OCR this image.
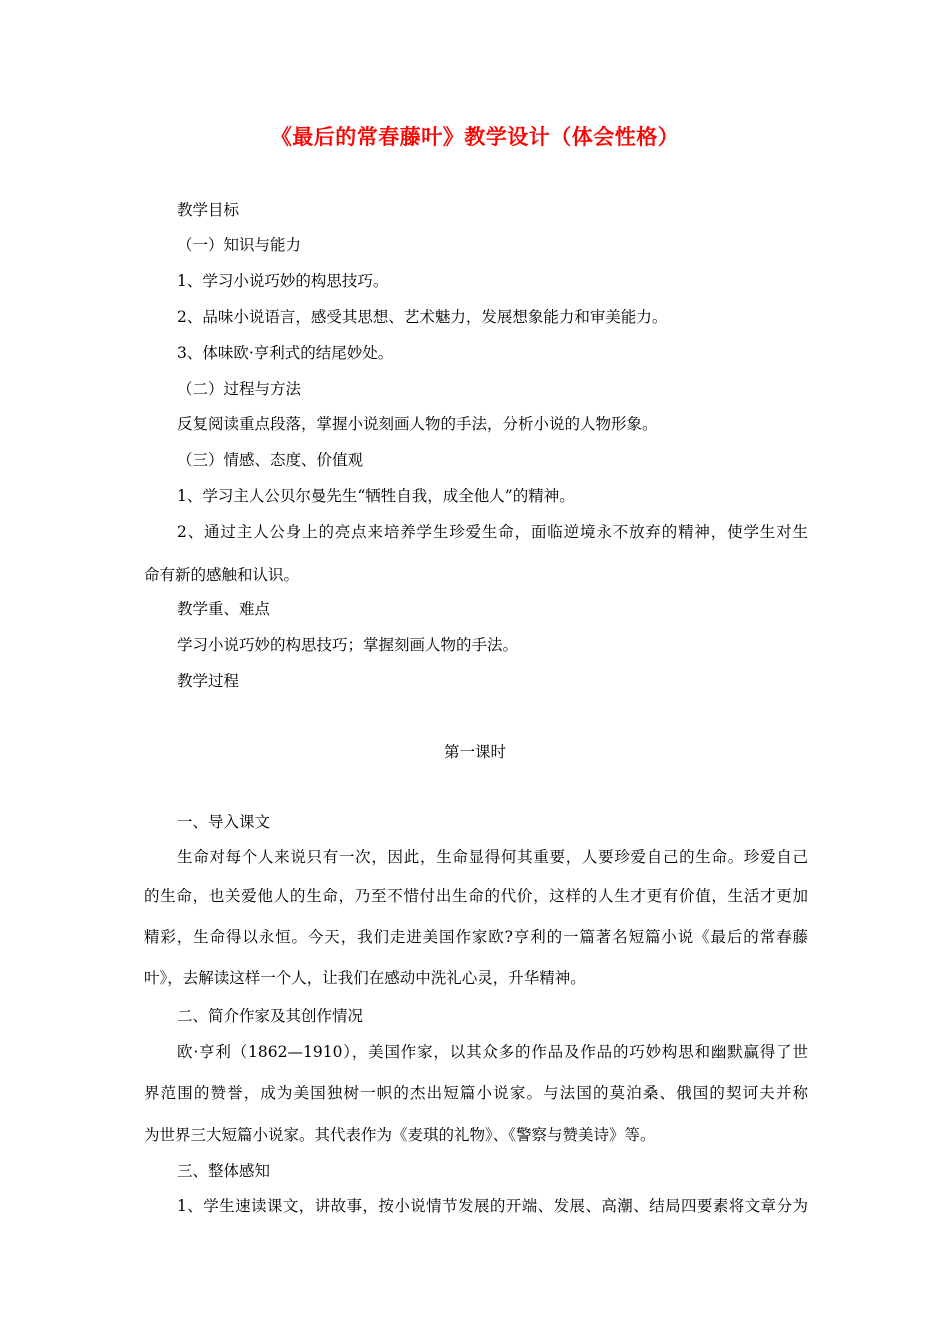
《最后的常春藤叶》教学设计（体会性格）
教学目标
（一）知识与能力
1、学习小说巧妙的构思技巧。
2、品味小说语言，感受其思想、艺术魅力，发展想象能力和审美能力。
3、体味欧·亨利式的结尾妙处。
（二）过程与方法
反复阅读重点段落，掌握小说刻画人物的手法，分析小说的人物形象。
（三）情感、态度、价值观
1、学习主人公贝尔曼先生“牺牲自我，成全他人”的精神。
2、通过主人公身上的亮点来培养学生珍爱生命，面临逆境永不放弃的精神，使学生对生
命有新的感触和认识。
教学重、难点
学习小说巧妙的构思技巧；掌握刻画人物的手法。
教学过程
第一课时
一、导入课文
生命对每个人来说只有一次，因此，生命显得何其重要，人要珍爱自己的生命。珍爱自己
的生命，也关爱他人的生命，乃至不惜付出生命的代价，这样的人生才更有价值，生活才更加
精彩，生命得以永恒。今天，我们走进美国作家欧?亨利的一篇著名短篇小说《最后的常春藤
叶》，去解读这样一个人，让我们在感动中洗礼心灵，升华精神。
二、简介作家及其创作情况
欧·亨利（1862—1910），美国作家，以其众多的作品及作品的巧妙构思和幽默赢得了世
界范围的赞誉，成为美国独树一帜的杰出短篇小说家。与法国的莫泊桑、俄国的契诃夫并称
为世界三大短篇小说家。其代表作为《麦琪的礼物》、《警察与赞美诗》等。
三、整体感知
1、学生速读课文，讲故事，按小说情节发展的开端、发展、高潮、结局四要素将文章分为
